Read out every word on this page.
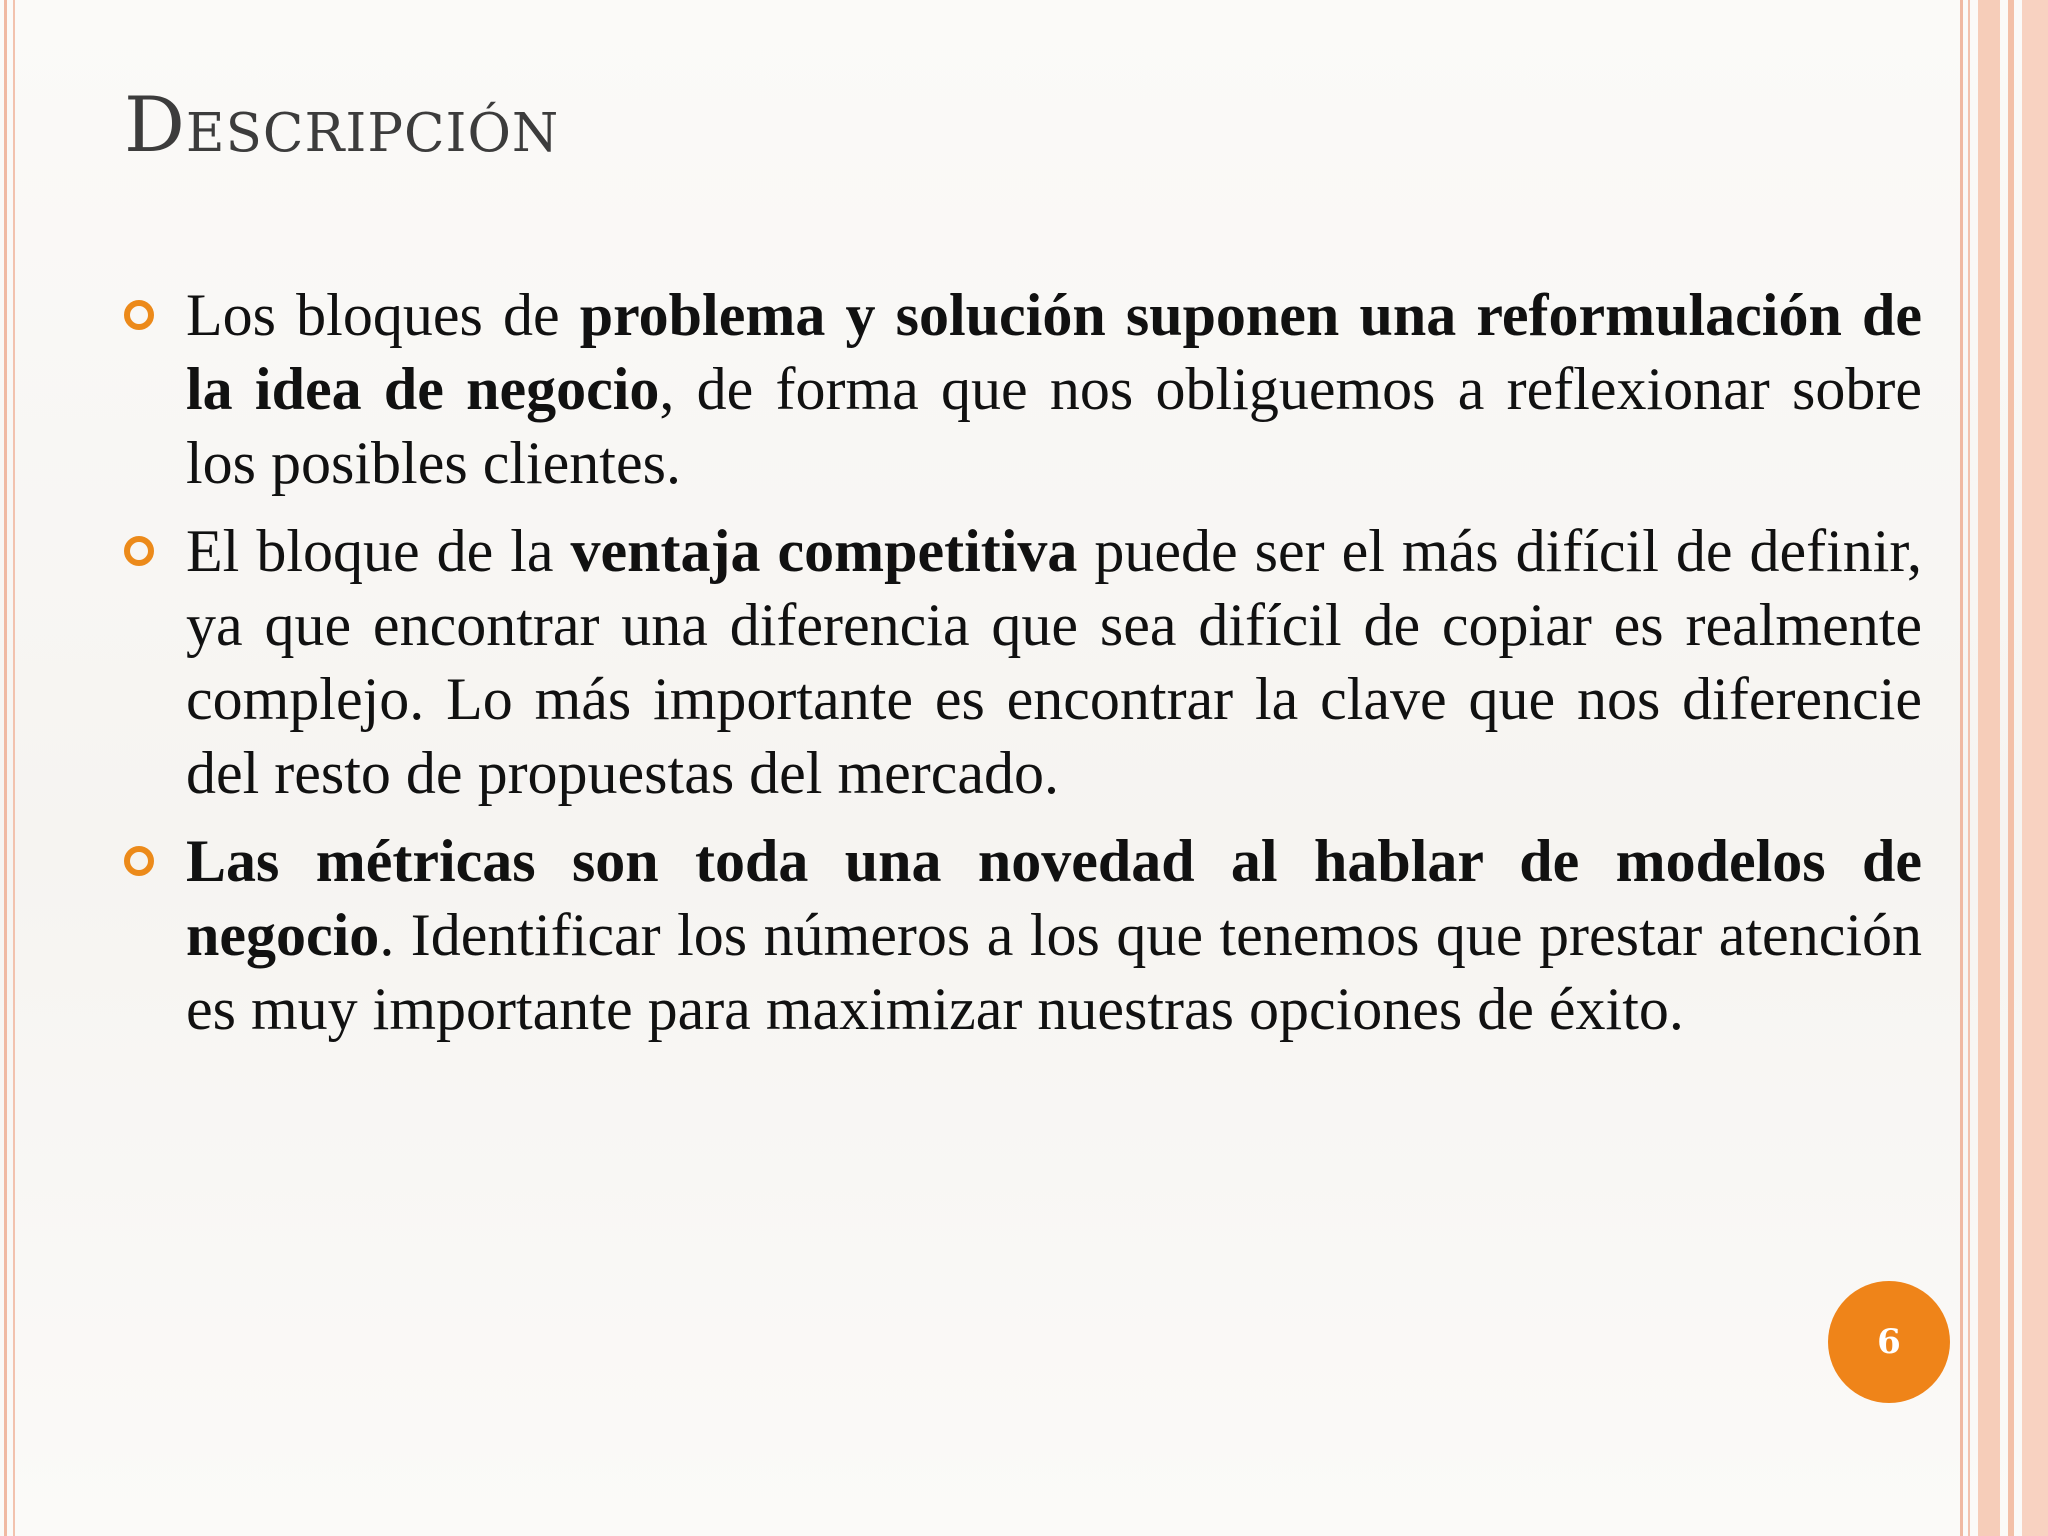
Descripción
Los bloques de problema y solución suponen una reformulación de la idea de negocio, de forma que nos obliguemos a reflexionar sobre los posibles clientes.
El bloque de la ventaja competitiva puede ser el más difícil de definir, ya que encontrar una diferencia que sea difícil de copiar es realmente complejo. Lo más importante es encontrar la clave que nos diferencie del resto de propuestas del mercado.
Las métricas son toda una novedad al hablar de modelos de negocio. Identificar los números a los que tenemos que prestar atención es muy importante para maximizar nuestras opciones de éxito.
6
